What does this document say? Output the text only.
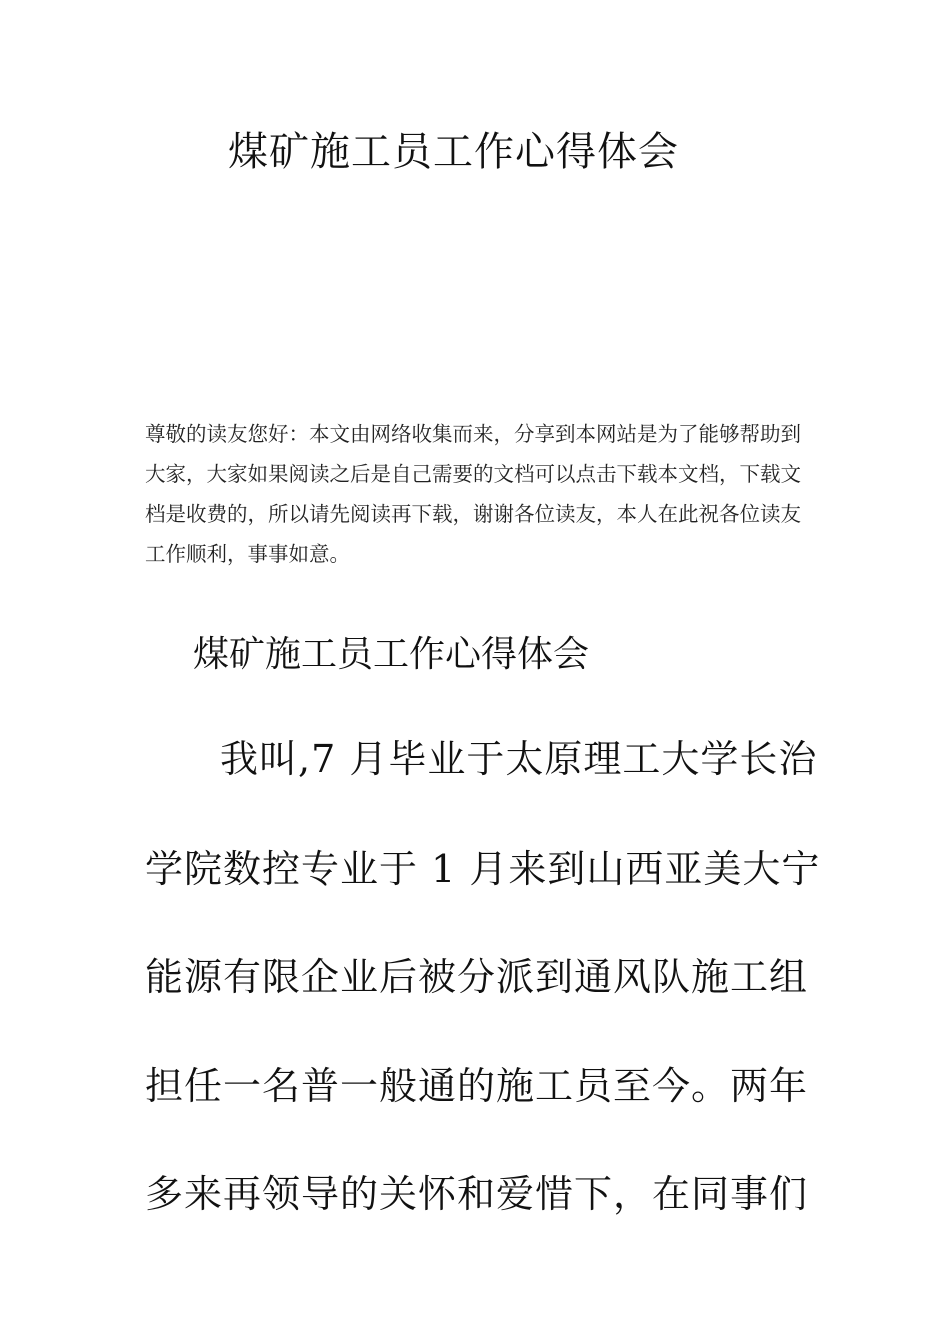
煤矿施工员工作心得体会

尊敬的读友您好：本文由网络收集而来，分享到本网站是为了能够帮助到大家，大家如果阅读之后是自己需要的文档可以点击下载本文档，下载文档是收费的，所以请先阅读再下载，谢谢各位读友，本人在此祝各位读友工作顺利，事事如意。

煤矿施工员工作心得体会
我叫,7 月毕业于太原理工大学长治
学院数控专业于 1 月来到山西亚美大宁
能源有限企业后被分派到通风队施工组
担任一名普一般通的施工员至今。两年
多来再领导的关怀和爱惜下，在同事们
